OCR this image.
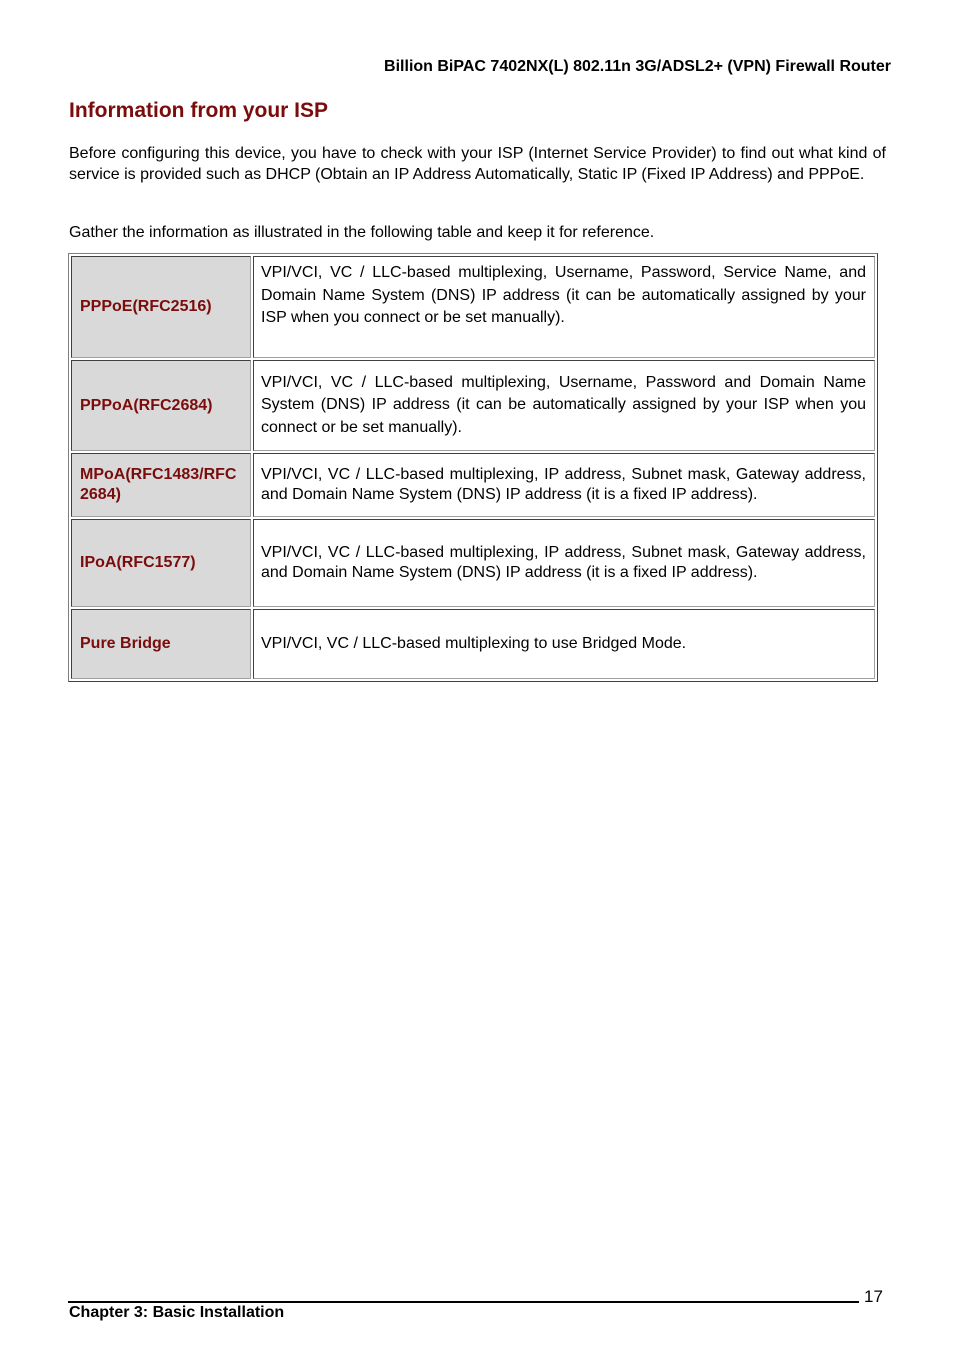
Billion BiPAC 7402NX(L) 802.11n 3G/ADSL2+ (VPN) Firewall Router
Information from your ISP

Before configuring this device, you have to check with your ISP (Internet Service Provider) to find out what kind of service is provided such as DHCP (Obtain an IP Address Automatically, Static IP (Fixed IP Address) and PPPoE.

Gather the information as illustrated in the following table and keep it for reference.

PPPoE(RFC2516)	VPI/VCI, VC / LLC-based multiplexing, Username, Password, Service Name, and Domain Name System (DNS) IP address (it can be automatically assigned by your ISP when you connect or be set manually).
PPPoA(RFC2684)	VPI/VCI, VC / LLC-based multiplexing, Username, Password and Domain Name System (DNS) IP address (it can be automatically assigned by your ISP when you connect or be set manually).
MPoA(RFC1483/RFC2684)	VPI/VCI, VC / LLC-based multiplexing, IP address, Subnet mask, Gateway address, and Domain Name System (DNS) IP address (it is a fixed IP address).
IPoA(RFC1577)	VPI/VCI, VC / LLC-based multiplexing, IP address, Subnet mask, Gateway address, and Domain Name System (DNS) IP address (it is a fixed IP address).
Pure Bridge	VPI/VCI, VC / LLC-based multiplexing to use Bridged Mode.
17
Chapter 3: Basic Installation
